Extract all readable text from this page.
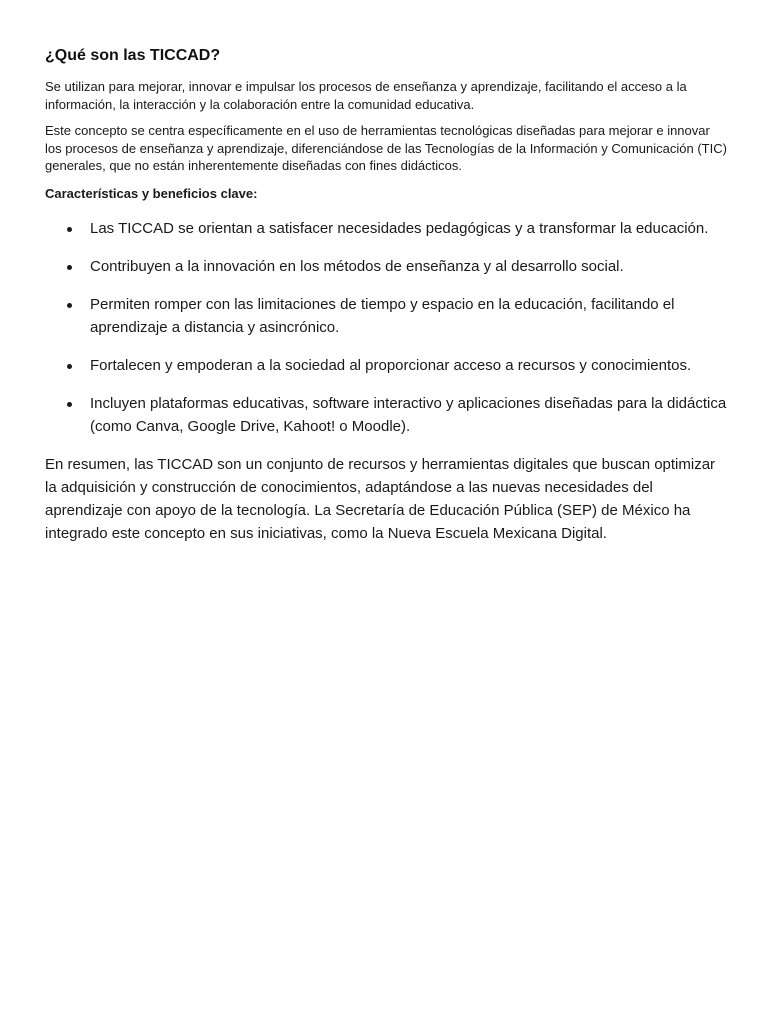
¿Qué son las TICCAD?

Se utilizan para mejorar, innovar e impulsar los procesos de enseñanza y aprendizaje, facilitando el acceso a la información, la interacción y la colaboración entre la comunidad educativa.

Este concepto se centra específicamente en el uso de herramientas tecnológicas diseñadas para mejorar e innovar los procesos de enseñanza y aprendizaje, diferenciándose de las Tecnologías de la Información y Comunicación (TIC) generales, que no están inherentemente diseñadas con fines didácticos.

Características y beneficios clave:

Las TICCAD se orientan a satisfacer necesidades pedagógicas y a transformar la educación.
Contribuyen a la innovación en los métodos de enseñanza y al desarrollo social.
Permiten romper con las limitaciones de tiempo y espacio en la educación, facilitando el aprendizaje a distancia y asincrónico.
Fortalecen y empoderan a la sociedad al proporcionar acceso a recursos y conocimientos.
Incluyen plataformas educativas, software interactivo y aplicaciones diseñadas para la didáctica (como Canva, Google Drive, Kahoot! o Moodle).

En resumen, las TICCAD son un conjunto de recursos y herramientas digitales que buscan optimizar la adquisición y construcción de conocimientos, adaptándose a las nuevas necesidades del aprendizaje con apoyo de la tecnología. La Secretaría de Educación Pública (SEP) de México ha integrado este concepto en sus iniciativas, como la Nueva Escuela Mexicana Digital.
